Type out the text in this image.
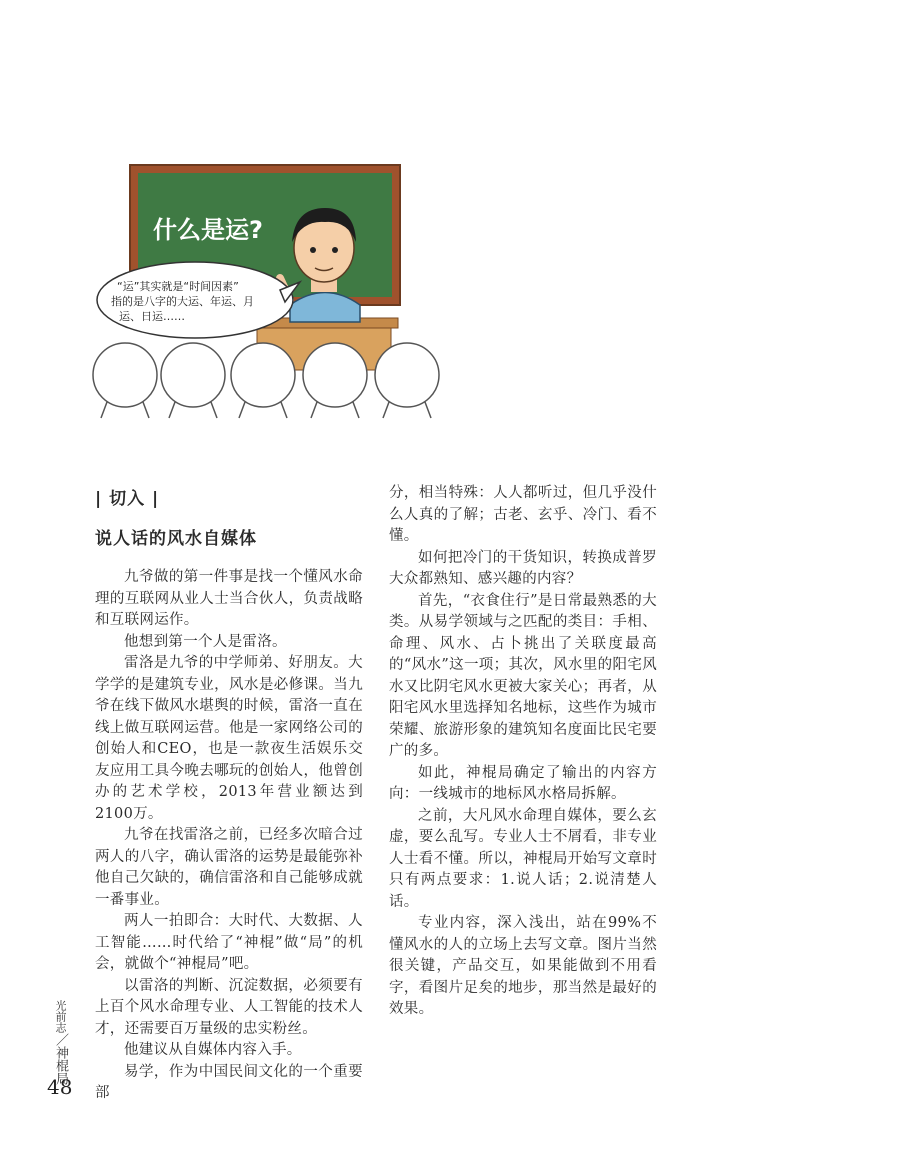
什么是运?
“运”其实就是“时间因素” 指的是八字的大运、年运、月 运、日运……
| 切入 |
说人话的风水自媒体

九爷做的第一件事是找一个懂风水命理的互联网从业人士当合伙人，负责战略和互联网运作。

他想到第一个人是雷洛。

雷洛是九爷的中学师弟、好朋友。大学学的是建筑专业，风水是必修课。当九爷在线下做风水堪舆的时候，雷洛一直在线上做互联网运营。他是一家网络公司的创始人和CEO，也是一款夜生活娱乐交友应用工具今晚去哪玩的创始人，他曾创办的艺术学校，2013年营业额达到2100万。

九爷在找雷洛之前，已经多次暗合过两人的八字，确认雷洛的运势是最能弥补他自己欠缺的，确信雷洛和自己能够成就一番事业。

两人一拍即合：大时代、大数据、人工智能……时代给了“神棍”做“局”的机会，就做个“神棍局”吧。

以雷洛的判断、沉淀数据，必须要有上百个风水命理专业、人工智能的技术人才，还需要百万量级的忠实粉丝。

他建议从自媒体内容入手。

易学，作为中国民间文化的一个重要部

分，相当特殊：人人都听过，但几乎没什么人真的了解；古老、玄乎、冷门、看不懂。

如何把冷门的干货知识，转换成普罗大众都熟知、感兴趣的内容？

首先，“衣食住行”是日常最熟悉的大类。从易学领域与之匹配的类目：手相、命理、风水、占卜挑出了关联度最高的“风水”这一项；其次，风水里的阳宅风水又比阴宅风水更被大家关心；再者，从阳宅风水里选择知名地标，这些作为城市荣耀、旅游形象的建筑知名度面比民宅要广的多。

如此，神棍局确定了输出的内容方向：一线城市的地标风水格局拆解。

之前，大凡风水命理自媒体，要么玄虚，要么乱写。专业人士不屑看，非专业人士看不懂。所以，神棍局开始写文章时只有两点要求：1.说人话；2.说清楚人话。

专业内容，深入浅出，站在99%不懂风水的人的立场上去写文章。图片当然很关键，产品交互，如果能做到不用看字，看图片足矣的地步，那当然是最好的效果。

光前志／神棍局
48
